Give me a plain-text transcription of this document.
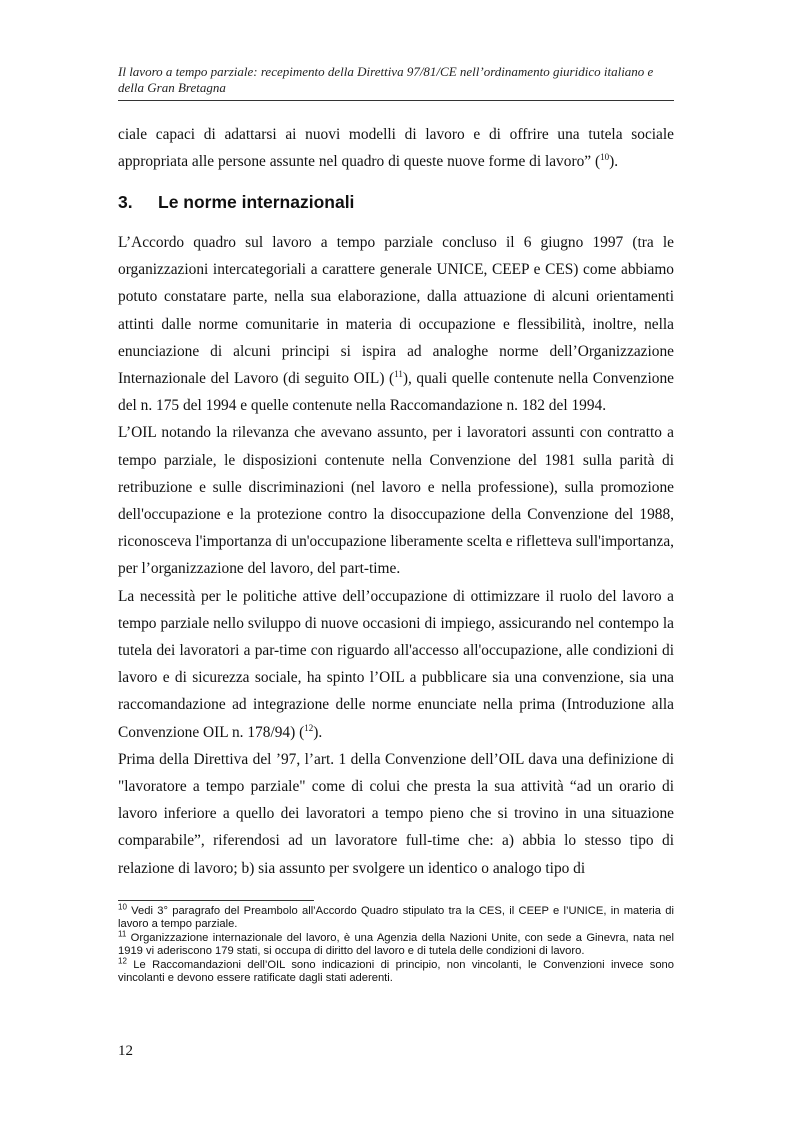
Il lavoro a tempo parziale: recepimento della Direttiva 97/81/CE nell’ordinamento giuridico italiano e della Gran Bretagna

ciale capaci di adattarsi ai nuovi modelli di lavoro e di offrire una tutela sociale appropriata alle persone assunte nel quadro di queste nuove forme di lavoro” ($^{10}$).

3. Le norme internazionali

L’Accordo quadro sul lavoro a tempo parziale concluso il 6 giugno 1997 (tra le organizzazioni intercategoriali a carattere generale UNICE, CEEP e CES) come abbiamo potuto constatare parte, nella sua elaborazione, dalla attuazione di alcuni orientamenti attinti dalle norme comunitarie in materia di occupazione e flessibilità, inoltre, nella enunciazione di alcuni principi si ispira ad analoghe norme dell’Organizzazione Internazionale del Lavoro (di seguito OIL) ($^{11}$), quali quelle contenute nella Convenzione del n. 175 del 1994 e quelle contenute nella Raccomandazione n. 182 del 1994.

L’OIL notando la rilevanza che avevano assunto, per i lavoratori assunti con contratto a tempo parziale, le disposizioni contenute nella Convenzione del 1981 sulla parità di retribuzione e sulle discriminazioni (nel lavoro e nella professione), sulla promozione dell'occupazione e la protezione contro la disoccupazione della Convenzione del 1988, riconosceva l'importanza di un'occupazione liberamente scelta e rifletteva sull'importanza, per l’organizzazione del lavoro, del part-time.

La necessità per le politiche attive dell’occupazione di ottimizzare il ruolo del lavoro a tempo parziale nello sviluppo di nuove occasioni di impiego, assicurando nel contempo la tutela dei lavoratori a par-time con riguardo all'accesso all'occupazione, alle condizioni di lavoro e di sicurezza sociale, ha spinto l’OIL a pubblicare sia una convenzione, sia una raccomandazione ad integrazione delle norme enunciate nella prima (Introduzione alla Convenzione OIL n. 178/94) ($^{12}$).

Prima della Direttiva del ’97, l’art. 1 della Convenzione dell’OIL dava una definizione di "lavoratore a tempo parziale" come di colui che presta la sua attività “ad un orario di lavoro inferiore a quello dei lavoratori a tempo pieno che si trovino in una situazione comparabile”, riferendosi ad un lavoratore full-time che: a) abbia lo stesso tipo di relazione di lavoro; b) sia assunto per svolgere un identico o analogo tipo di

$^{10}$ Vedi 3° paragrafo del Preambolo all’Accordo Quadro stipulato tra la CES, il CEEP e l’UNICE, in materia di lavoro a tempo parziale.

$^{11}$ Organizzazione internazionale del lavoro, è una Agenzia della Nazioni Unite, con sede a Ginevra, nata nel 1919 vi aderiscono 179 stati, si occupa di diritto del lavoro e di tutela delle condizioni di lavoro.

$^{12}$ Le Raccomandazioni dell’OIL sono indicazioni di principio, non vincolanti, le Convenzioni invece sono vincolanti e devono essere ratificate dagli stati aderenti.

12
